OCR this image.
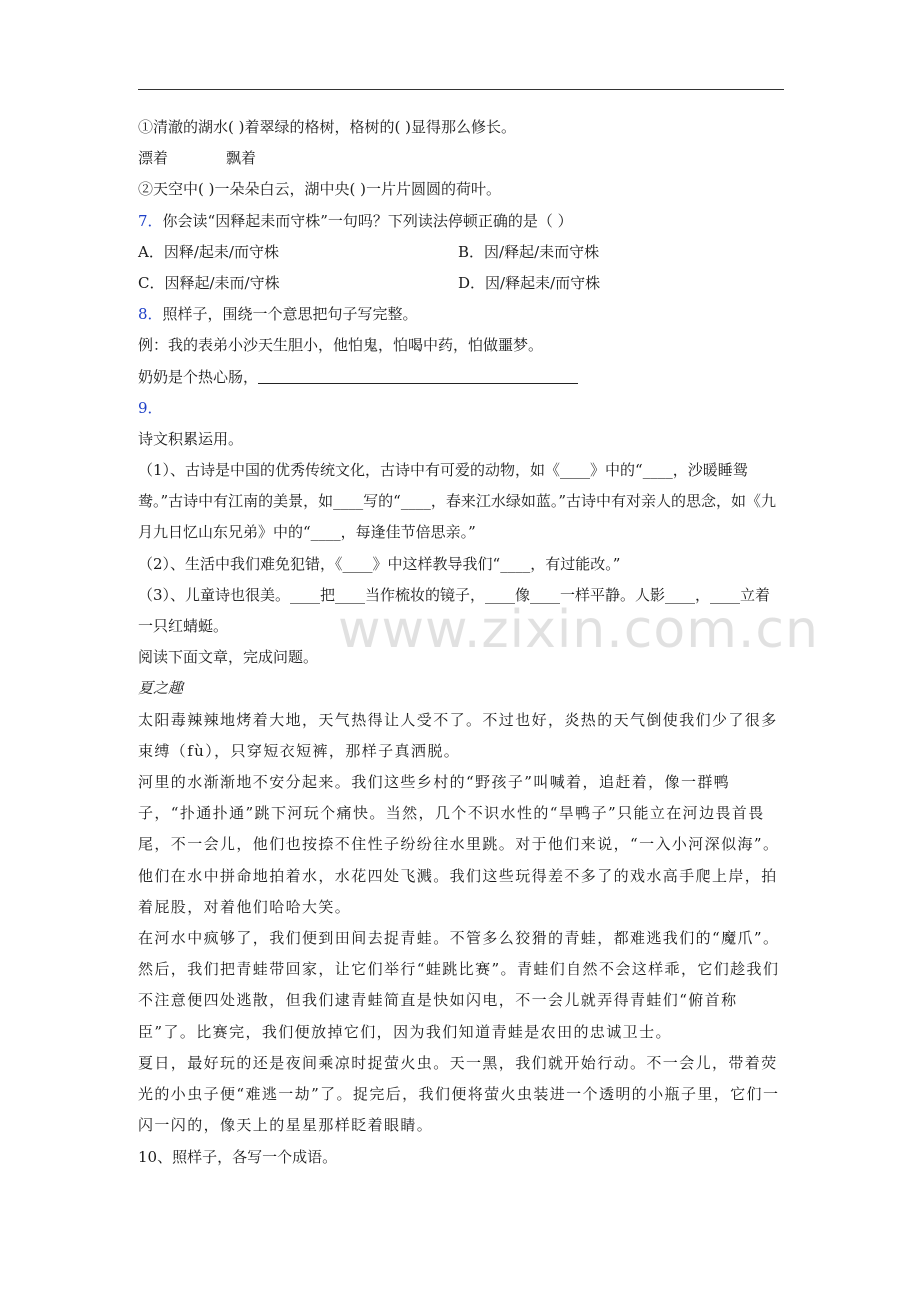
①清澈的湖水( )着翠绿的格树，格树的( )显得那么修长。
漂着	飘着
②天空中( )一朵朵白云，湖中央( )一片片圆圆的荷叶。
7．你会读“因释起耒而守株”一句吗？下列读法停顿正确的是（ ）
A．因释/起耒/而守株	B．因/释起/耒而守株
C．因释起/耒而/守株	D．因/释起耒/而守株
8．照样子，围绕一个意思把句子写完整。
例：我的表弟小沙天生胆小，他怕鬼，怕喝中药，怕做噩梦。
奶奶是个热心肠，
9．
诗文积累运用。
（1）、古诗是中国的优秀传统文化，古诗中有可爱的动物，如《____》中的“____，沙暖睡鸳鸯。”古诗中有江南的美景，如____写的“____，春来江水绿如蓝。”古诗中有对亲人的思念，如《九月九日忆山东兄弟》中的“____，每逢佳节倍思亲。”
（2）、生活中我们难免犯错，《____》中这样教导我们“____，有过能改。”
（3）、儿童诗也很美。____把____当作梳妆的镜子，____像____一样平静。人影____，____立着一只红蜻蜓。
阅读下面文章，完成问题。
夏之趣
太阳毒辣辣地烤着大地，天气热得让人受不了。不过也好，炎热的天气倒使我们少了很多束缚（fù），只穿短衣短裤，那样子真洒脱。
河里的水渐渐地不安分起来。我们这些乡村的“野孩子”叫喊着，追赶着，像一群鸭子，“扑通扑通”跳下河玩个痛快。当然，几个不识水性的“旱鸭子”只能立在河边畏首畏尾，不一会儿，他们也按捺不住性子纷纷往水里跳。对于他们来说，“一入小河深似海”。他们在水中拼命地拍着水，水花四处飞溅。我们这些玩得差不多了的戏水高手爬上岸，拍着屁股，对着他们哈哈大笑。
在河水中疯够了，我们便到田间去捉青蛙。不管多么狡猾的青蛙，都难逃我们的“魔爪”。然后，我们把青蛙带回家，让它们举行“蛙跳比赛”。青蛙们自然不会这样乖，它们趁我们不注意便四处逃散，但我们逮青蛙简直是快如闪电，不一会儿就弄得青蛙们“俯首称臣”了。比赛完，我们便放掉它们，因为我们知道青蛙是农田的忠诚卫士。
夏日，最好玩的还是夜间乘凉时捉萤火虫。天一黑，我们就开始行动。不一会儿，带着荧光的小虫子便“难逃一劫”了。捉完后，我们便将萤火虫装进一个透明的小瓶子里，它们一闪一闪的，像天上的星星那样眨着眼睛。
10、照样子，各写一个成语。
www.zixin.com.cn
